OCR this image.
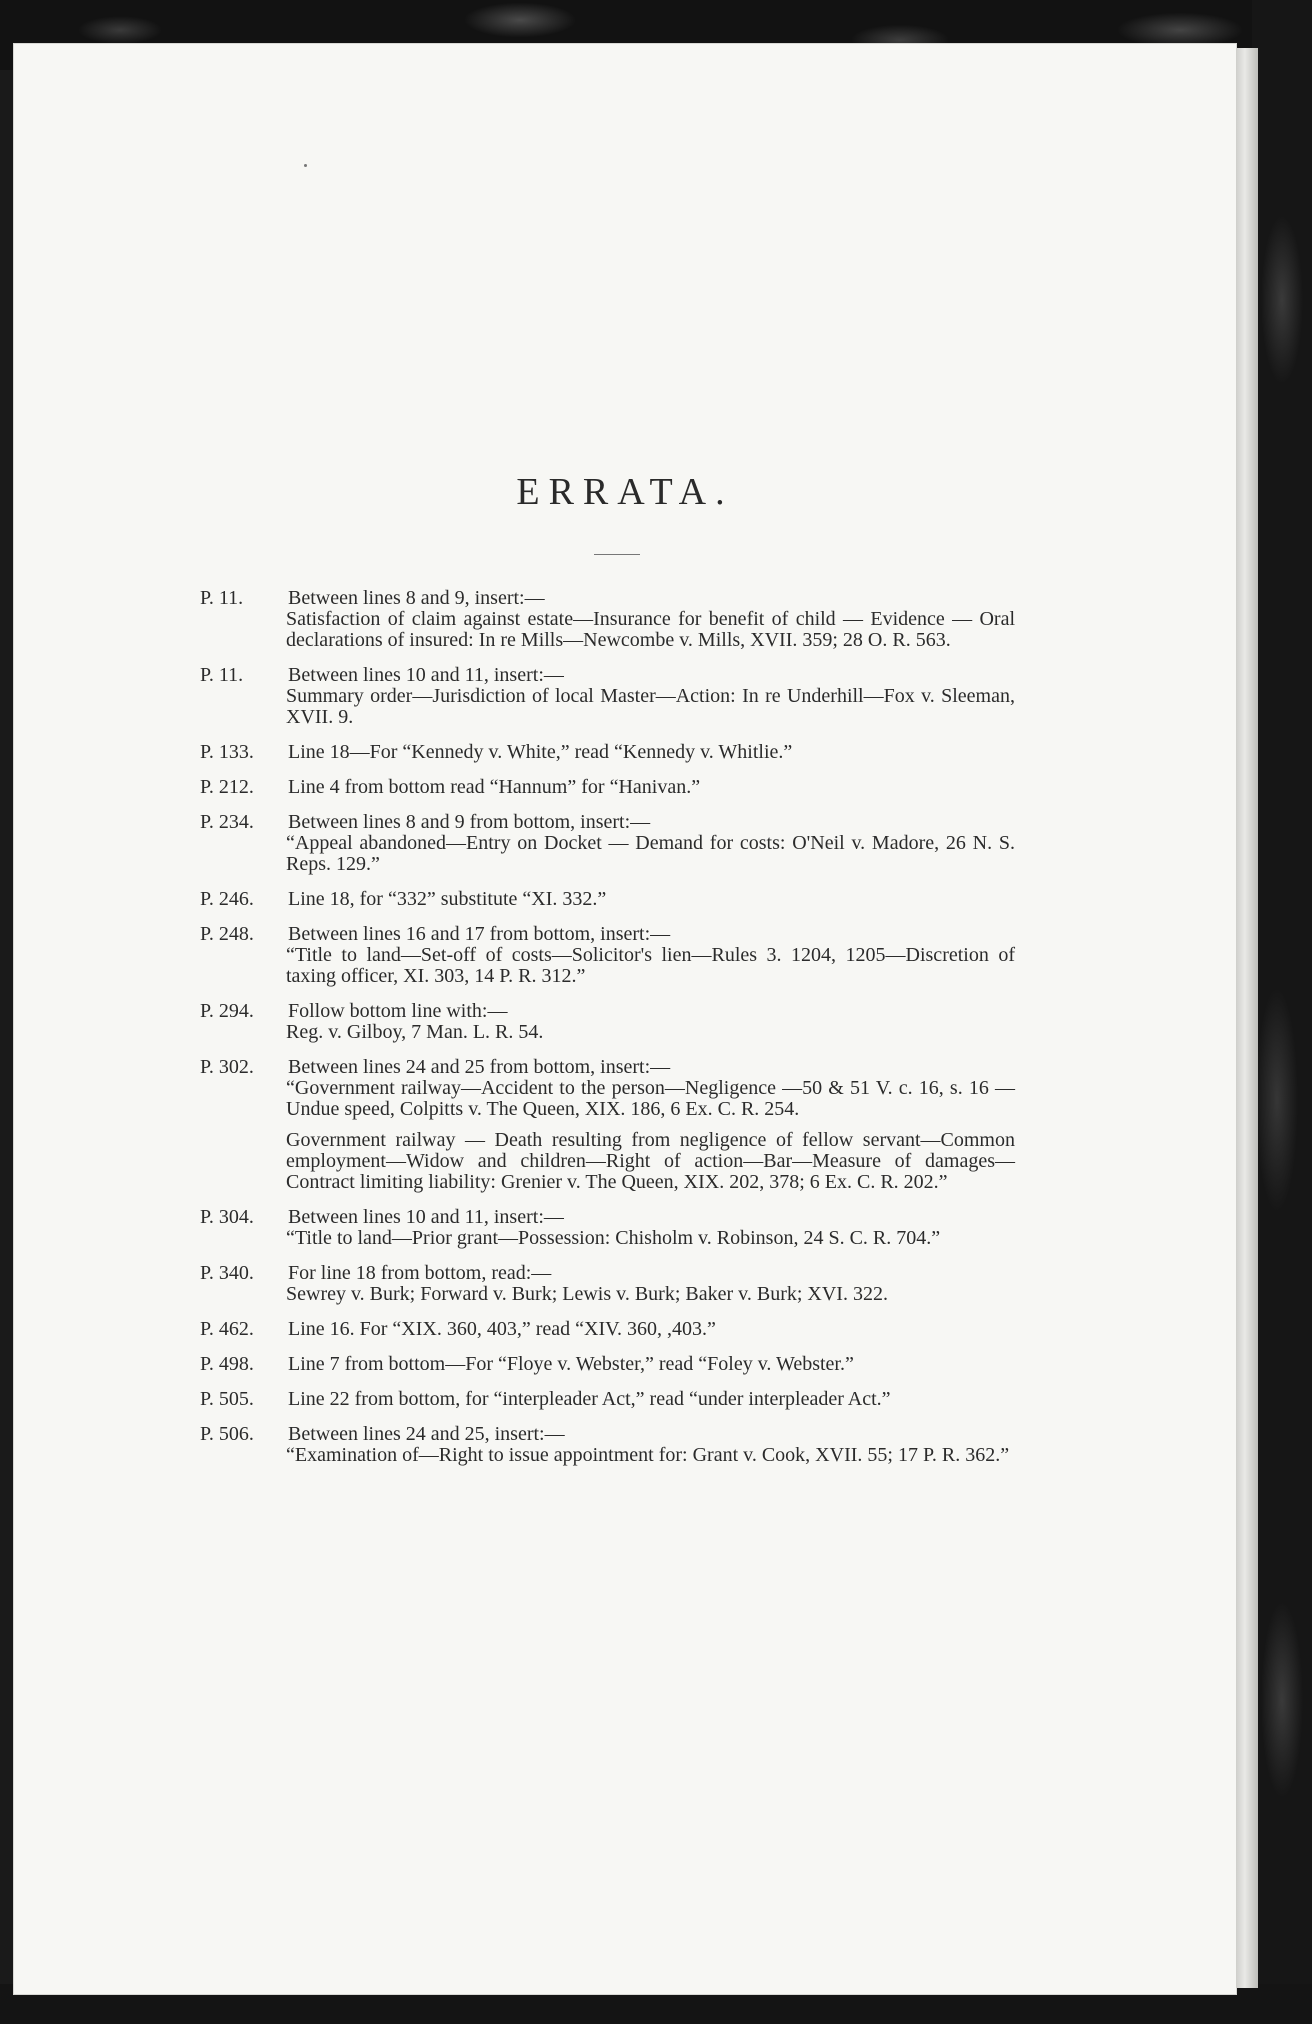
ERRATA.
P. 11. Between lines 8 and 9, insert:—
Satisfaction of claim against estate—Insurance for benefit of child — Evidence — Oral declarations of insured: In re Mills—Newcombe v. Mills, XVII. 359; 28 O. R. 563.
P. 11. Between lines 10 and 11, insert:—
Summary order—Jurisdiction of local Master—Action: In re Underhill—Fox v. Sleeman, XVII. 9.
P. 133. Line 18—For “Kennedy v. White,” read “Kennedy v. Whitlie.”
P. 212. Line 4 from bottom read “Hannum” for “Hanivan.”
P. 234. Between lines 8 and 9 from bottom, insert:—
“Appeal abandoned—Entry on Docket — Demand for costs: O'Neil v. Madore, 26 N. S. Reps. 129.”
P. 246. Line 18, for “332” substitute “XI. 332.”
P. 248. Between lines 16 and 17 from bottom, insert:—
“Title to land—Set-off of costs—Solicitor's lien—Rules 3. 1204, 1205—Discretion of taxing officer, XI. 303, 14 P. R. 312.”
P. 294. Follow bottom line with:—
Reg. v. Gilboy, 7 Man. L. R. 54.
P. 302. Between lines 24 and 25 from bottom, insert:—
“Government railway—Accident to the person—Negligence —50 & 51 V. c. 16, s. 16 — Undue speed, Colpitts v. The Queen, XIX. 186, 6 Ex. C. R. 254.
Government railway — Death resulting from negligence of fellow servant—Common employment—Widow and children—Right of action—Bar—Measure of damages—Contract limiting liability: Grenier v. The Queen, XIX. 202, 378; 6 Ex. C. R. 202.”
P. 304. Between lines 10 and 11, insert:—
“Title to land—Prior grant—Possession: Chisholm v. Robinson, 24 S. C. R. 704.”
P. 340. For line 18 from bottom, read:—
Sewrey v. Burk; Forward v. Burk; Lewis v. Burk; Baker v. Burk; XVI. 322.
P. 462. Line 16. For “XIX. 360, 403,” read “XIV. 360, ,403.”
P. 498. Line 7 from bottom—For “Floye v. Webster,” read “Foley v. Webster.”
P. 505. Line 22 from bottom, for “interpleader Act,” read “under interpleader Act.”
P. 506. Between lines 24 and 25, insert:—
“Examination of—Right to issue appointment for: Grant v. Cook, XVII. 55; 17 P. R. 362.”
